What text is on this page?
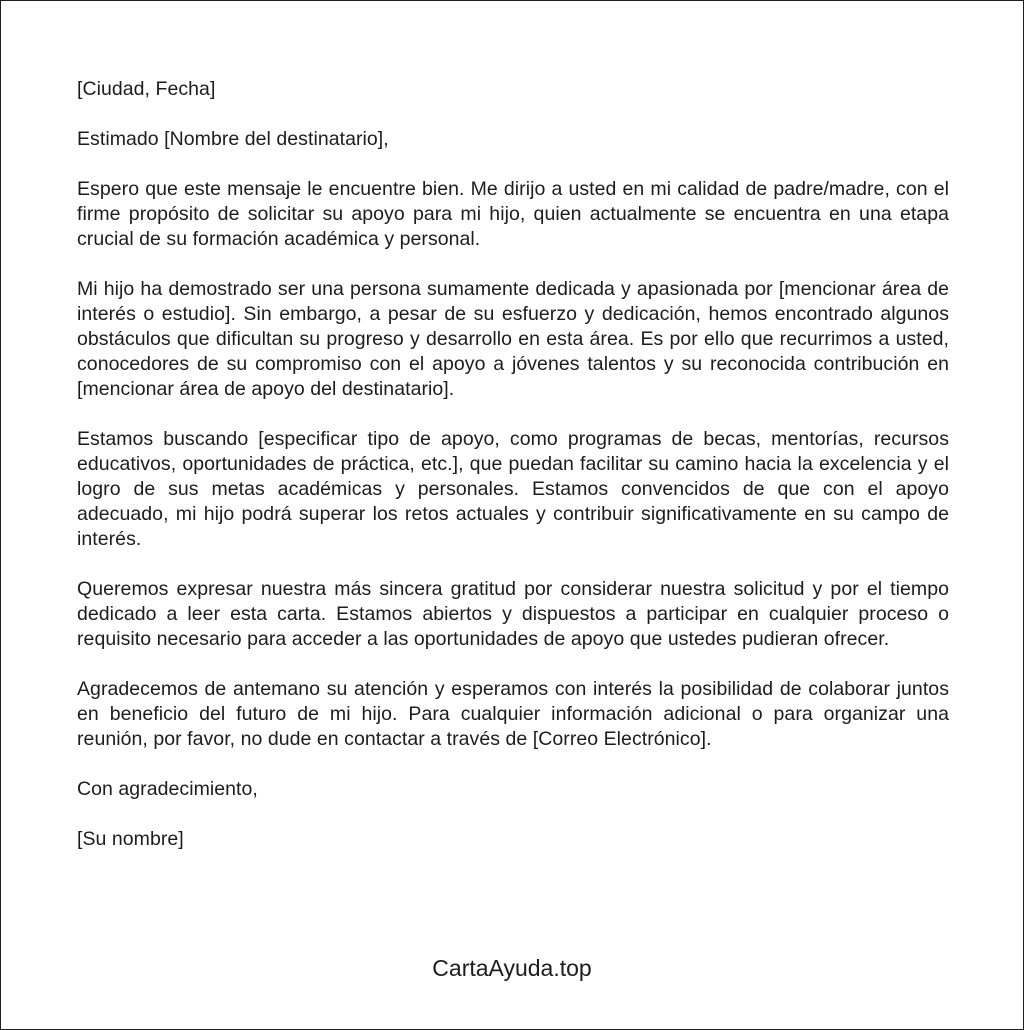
[Ciudad, Fecha]

Estimado [Nombre del destinatario],

Espero que este mensaje le encuentre bien. Me dirijo a usted en mi calidad de padre/madre, con el firme propósito de solicitar su apoyo para mi hijo, quien actualmente se encuentra en una etapa crucial de su formación académica y personal.

Mi hijo ha demostrado ser una persona sumamente dedicada y apasionada por [mencionar área de interés o estudio]. Sin embargo, a pesar de su esfuerzo y dedicación, hemos encontrado algunos obstáculos que dificultan su progreso y desarrollo en esta área. Es por ello que recurrimos a usted, conocedores de su compromiso con el apoyo a jóvenes talentos y su reconocida contribución en [mencionar área de apoyo del destinatario].

Estamos buscando [especificar tipo de apoyo, como programas de becas, mentorías, recursos educativos, oportunidades de práctica, etc.], que puedan facilitar su camino hacia la excelencia y el logro de sus metas académicas y personales. Estamos convencidos de que con el apoyo adecuado, mi hijo podrá superar los retos actuales y contribuir significativamente en su campo de interés.

Queremos expresar nuestra más sincera gratitud por considerar nuestra solicitud y por el tiempo dedicado a leer esta carta. Estamos abiertos y dispuestos a participar en cualquier proceso o requisito necesario para acceder a las oportunidades de apoyo que ustedes pudieran ofrecer.

Agradecemos de antemano su atención y esperamos con interés la posibilidad de colaborar juntos en beneficio del futuro de mi hijo. Para cualquier información adicional o para organizar una reunión, por favor, no dude en contactar a través de [Correo Electrónico].

Con agradecimiento,

[Su nombre]

CartaAyuda.top
